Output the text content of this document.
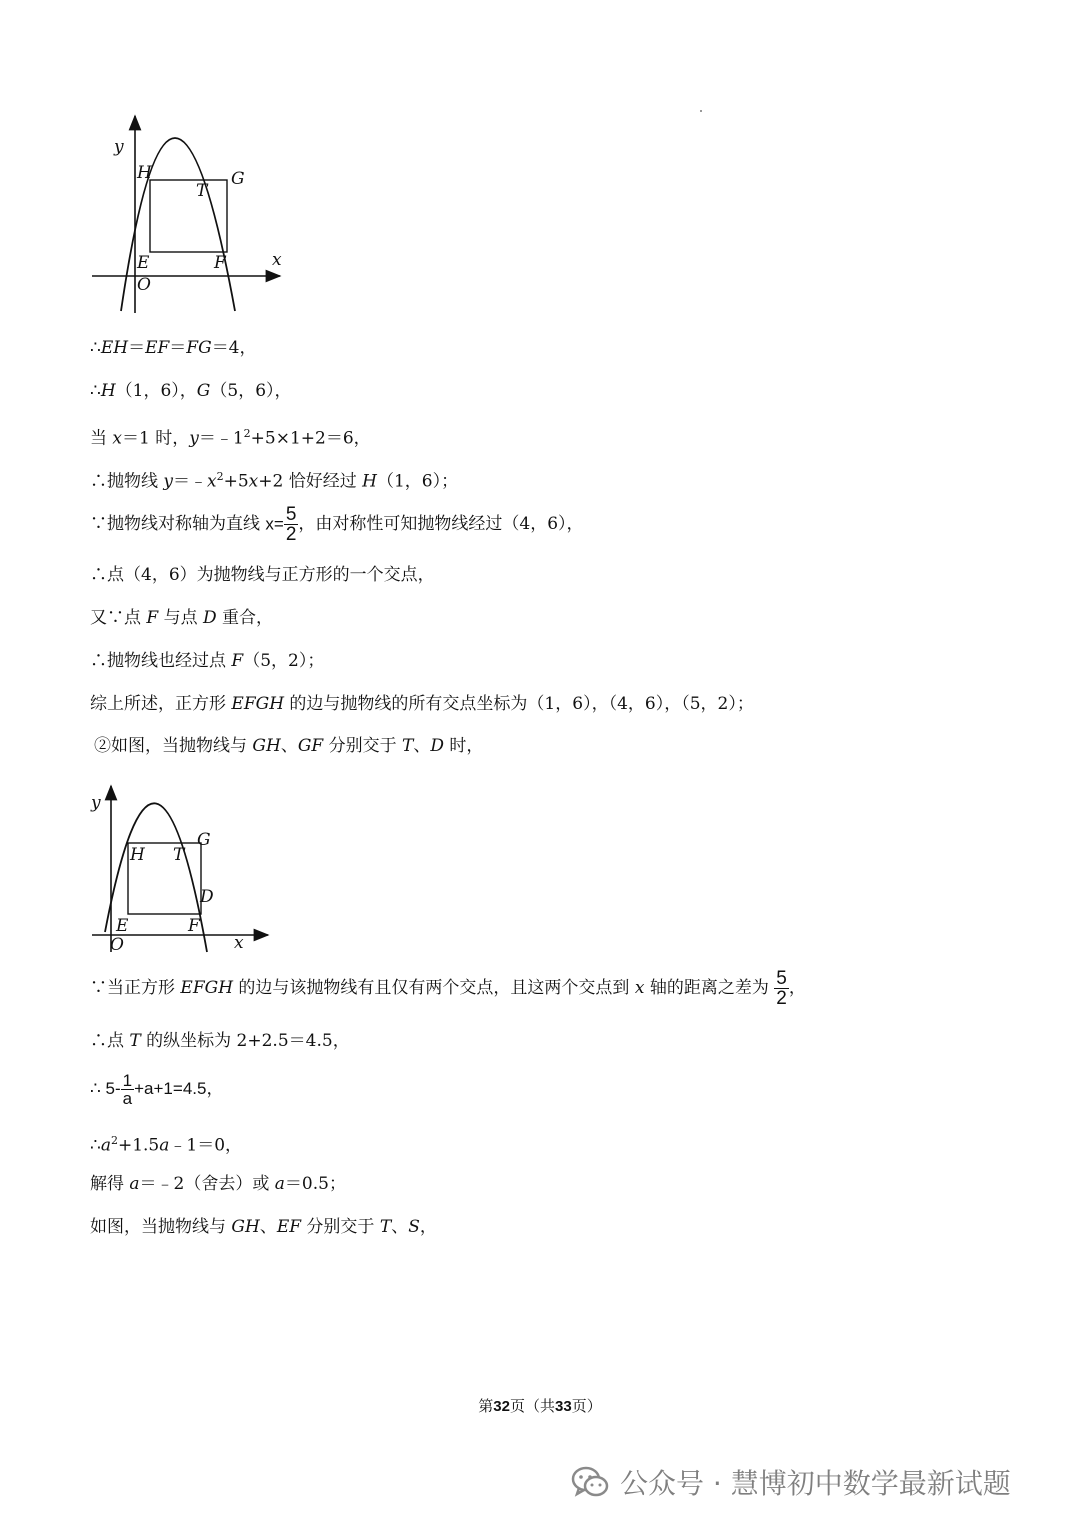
y
x
H	G
T
E	F
O
∴EH＝EF＝FG＝4，
∴H（1，6），G（5，6），
当 x＝1 时，$y=﹣1^2+5\times 1+2=6$，
∴抛物线 $y=﹣x^2+5x+2$ 恰好经过 H（1，6）；
∵抛物线对称轴为直线 $x= \frac{5}{2}$ ，由对称性可知抛物线经过（4，6），
∴点（4，6）为抛物线与正方形的一个交点，
又∵点 F 与点 D 重合，
∴抛物线也经过点 F（5，2）；
综上所述，正方形 EFGH 的边与抛物线的所有交点坐标为（1，6），（4，6），（5，2）；
②如图，当抛物线与 GH、GF 分别交于 T、D 时，
y
x
H
G
T
D
E	F
O
∵当正方形 EFGH 的边与该抛物线有且仅有两个交点，且这两个交点到 x 轴的距离之差为 $\frac{5}{2}$ ，
∴点 T 的纵坐标为 2+2.5＝4.5，
∴ $5- \frac{1}{a} +a+1=4.5$，
$\therefore a^2+1.5a﹣1=0$，
解得 a＝﹣2（舍去）或 a＝0.5；
如图，当抛物线与 GH、EF 分别交于 T、S，
第32页（共33页）
公众号 · 慧博初中数学最新试题
